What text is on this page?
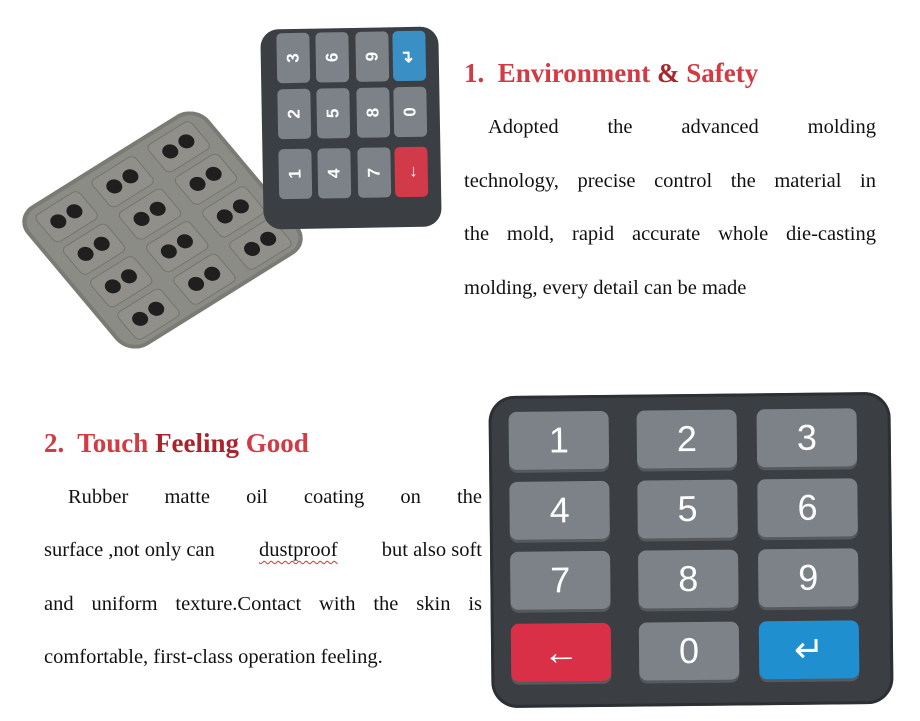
3 6 9 ↵
2 5 8 0
1 4 7 ←
1. Environment & Safety
Adopted the advanced molding
technology, precise control the material in
the mold, rapid accurate whole die-casting
molding, every detail can be made
2. Touch Feeling Good
Rubber matte oil coating on the
surface ,not only can dustproof but also soft
and uniform texture.Contact with the skin is
comfortable, first-class operation feeling.
1	2	3
4	5	6
7	8	9
←	0	↵
